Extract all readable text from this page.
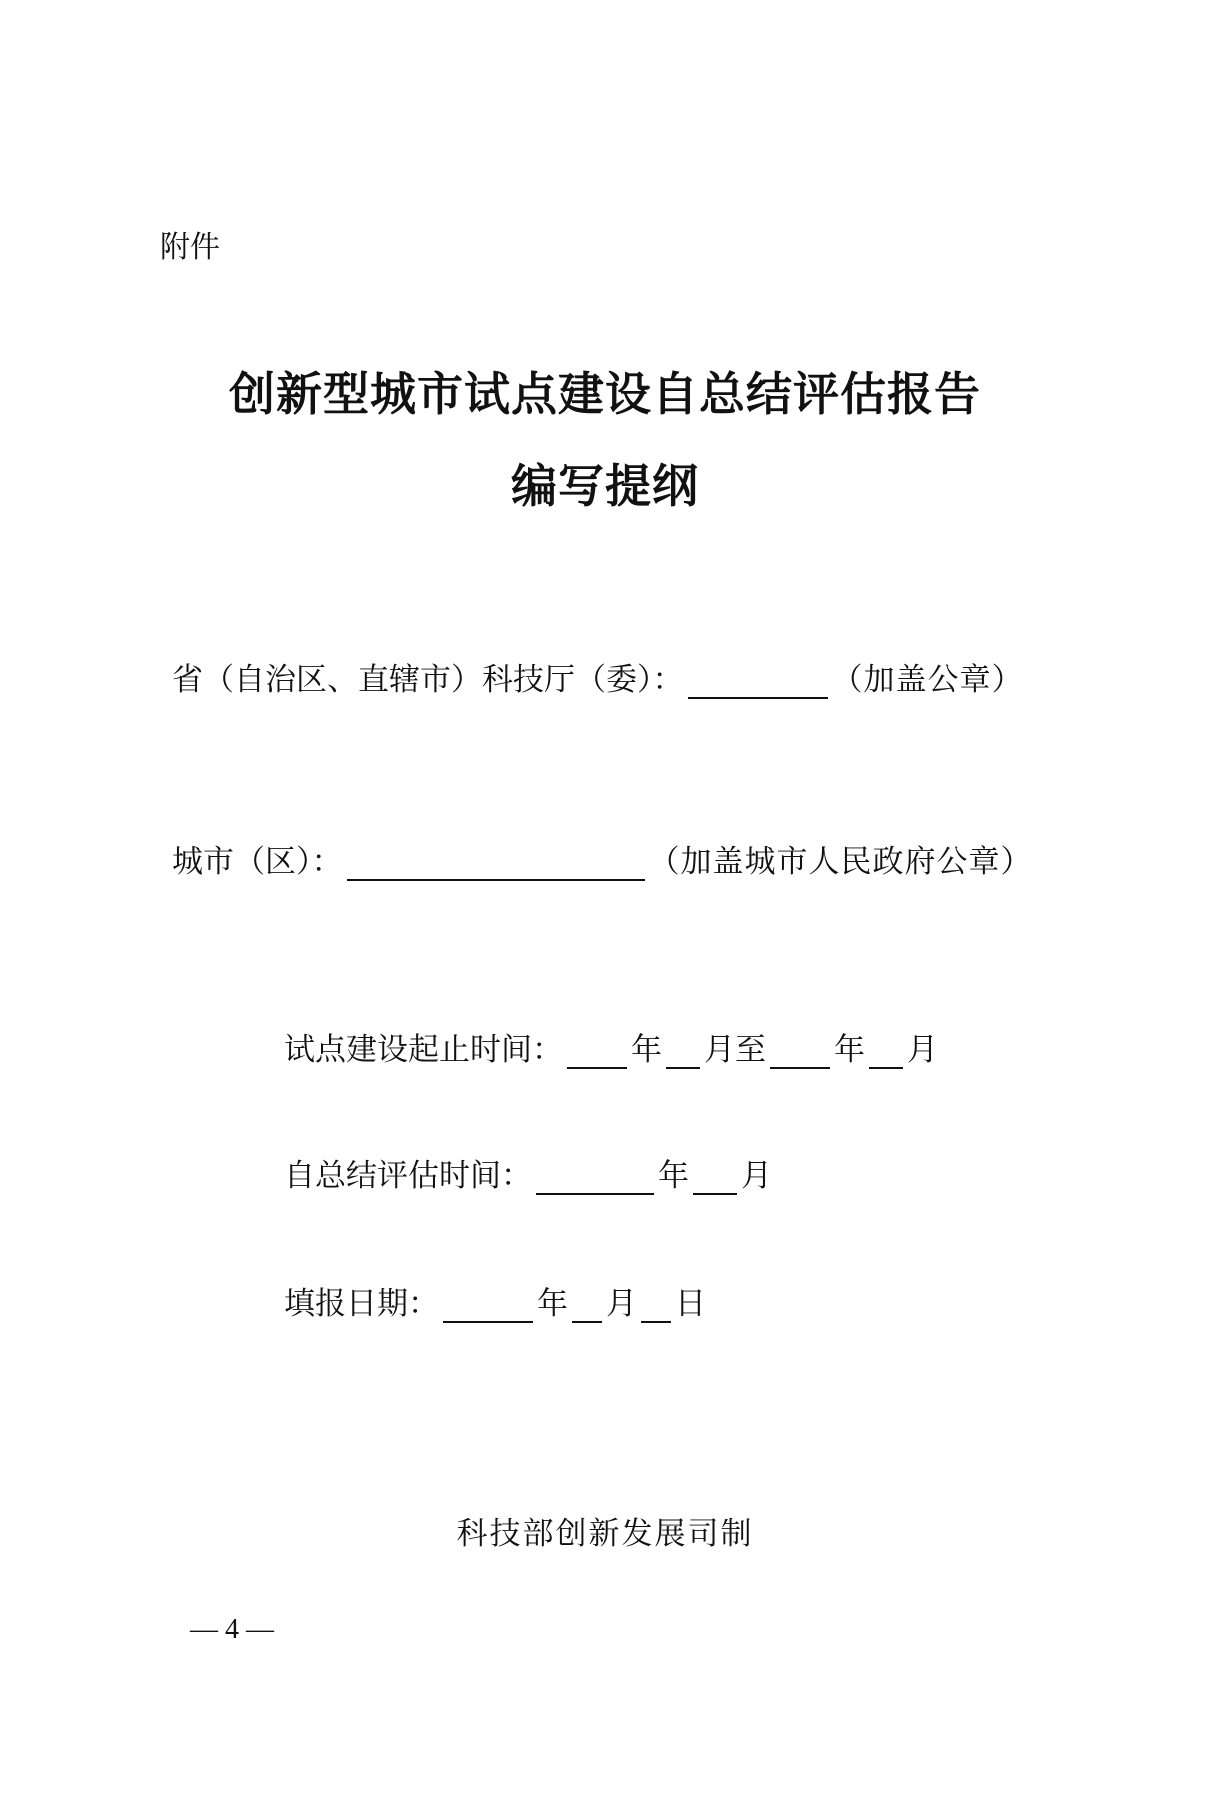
附件
创新型城市试点建设自总结评估报告
编写提纲
省（自治区、直辖市）科技厅（委）：	（加盖公章）
城市（区）：	（加盖城市人民政府公章）
试点建设起止时间： 年 月 至 年 月
自总结评估时间：	年 月
填报日期：	年 月 日
科技部创新发展司制
— 4 —
